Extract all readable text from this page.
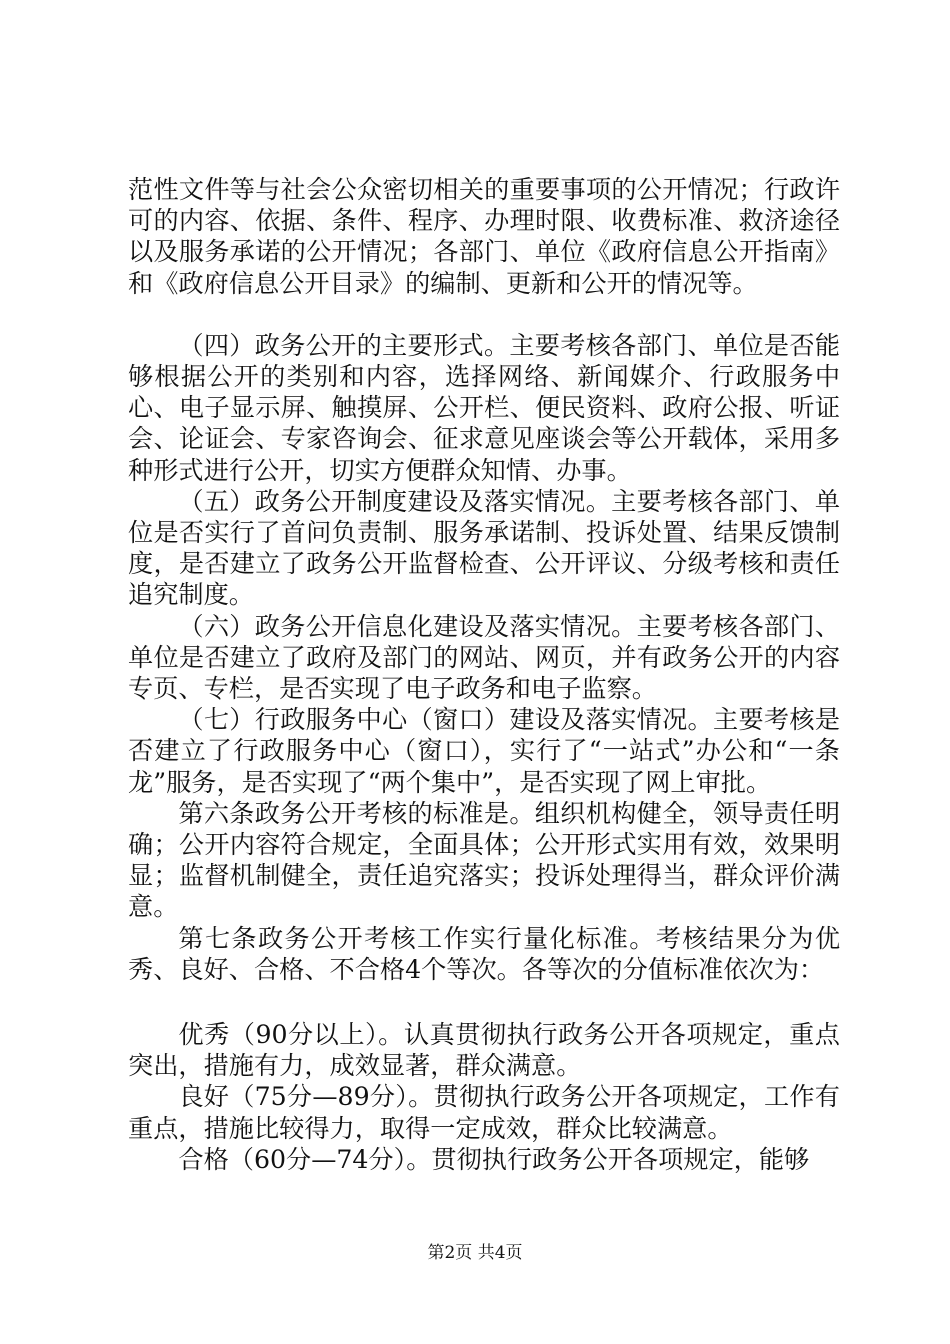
范性文件等与社会公众密切相关的重要事项的公开情况；行政许可的内容、依据、条件、程序、办理时限、收费标准、救济途径以及服务承诺的公开情况；各部门、单位《政府信息公开指南》和《政府信息公开目录》的编制、更新和公开的情况等。

（四）政务公开的主要形式。主要考核各部门、单位是否能够根据公开的类别和内容，选择网络、新闻媒介、行政服务中心、电子显示屏、触摸屏、公开栏、便民资料、政府公报、听证会、论证会、专家咨询会、征求意见座谈会等公开载体，采用多种形式进行公开，切实方便群众知情、办事。

（五）政务公开制度建设及落实情况。主要考核各部门、单位是否实行了首问负责制、服务承诺制、投诉处置、结果反馈制度，是否建立了政务公开监督检查、公开评议、分级考核和责任追究制度。

（六）政务公开信息化建设及落实情况。主要考核各部门、单位是否建立了政府及部门的网站、网页，并有政务公开的内容专页、专栏，是否实现了电子政务和电子监察。

（七）行政服务中心（窗口）建设及落实情况。主要考核是否建立了行政服务中心（窗口），实行了“一站式”办公和“一条龙”服务，是否实现了“两个集中”，是否实现了网上审批。

第六条政务公开考核的标准是。组织机构健全，领导责任明确；公开内容符合规定，全面具体；公开形式实用有效，效果明显；监督机制健全，责任追究落实；投诉处理得当，群众评价满意。

第七条政务公开考核工作实行量化标准。考核结果分为优秀、良好、合格、不合格4个等次。各等次的分值标准依次为：

优秀（90分以上）。认真贯彻执行政务公开各项规定，重点突出，措施有力，成效显著，群众满意。

良好（75分—89分）。贯彻执行政务公开各项规定，工作有重点，措施比较得力，取得一定成效，群众比较满意。

合格（60分—74分）。贯彻执行政务公开各项规定，能够

第2页 共4页
